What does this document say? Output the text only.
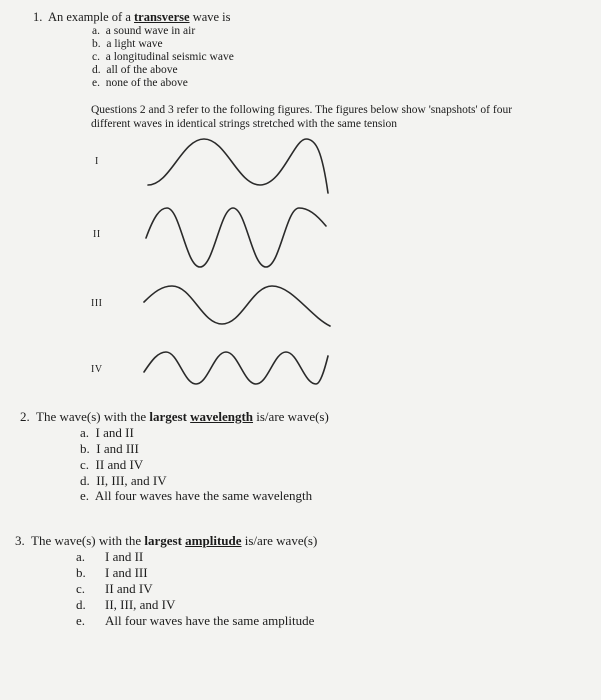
1. An example of a transverse wave is
a. a sound wave in air
b. a light wave
c. a longitudinal seismic wave
d. all of the above
e. none of the above
Questions 2 and 3 refer to the following figures. The figures below show 'snapshots' of four
different waves in identical strings stretched with the same tension
I
II
III
IV
2. The wave(s) with the largest wavelength is/are wave(s)
a. I and II
b. I and III
c. II and IV
d. II, III, and IV
e. All four waves have the same wavelength
3. The wave(s) with the largest amplitude is/are wave(s)
a. I and II
b. I and III
c. II and IV
d. II, III, and IV
e. All four waves have the same amplitude
